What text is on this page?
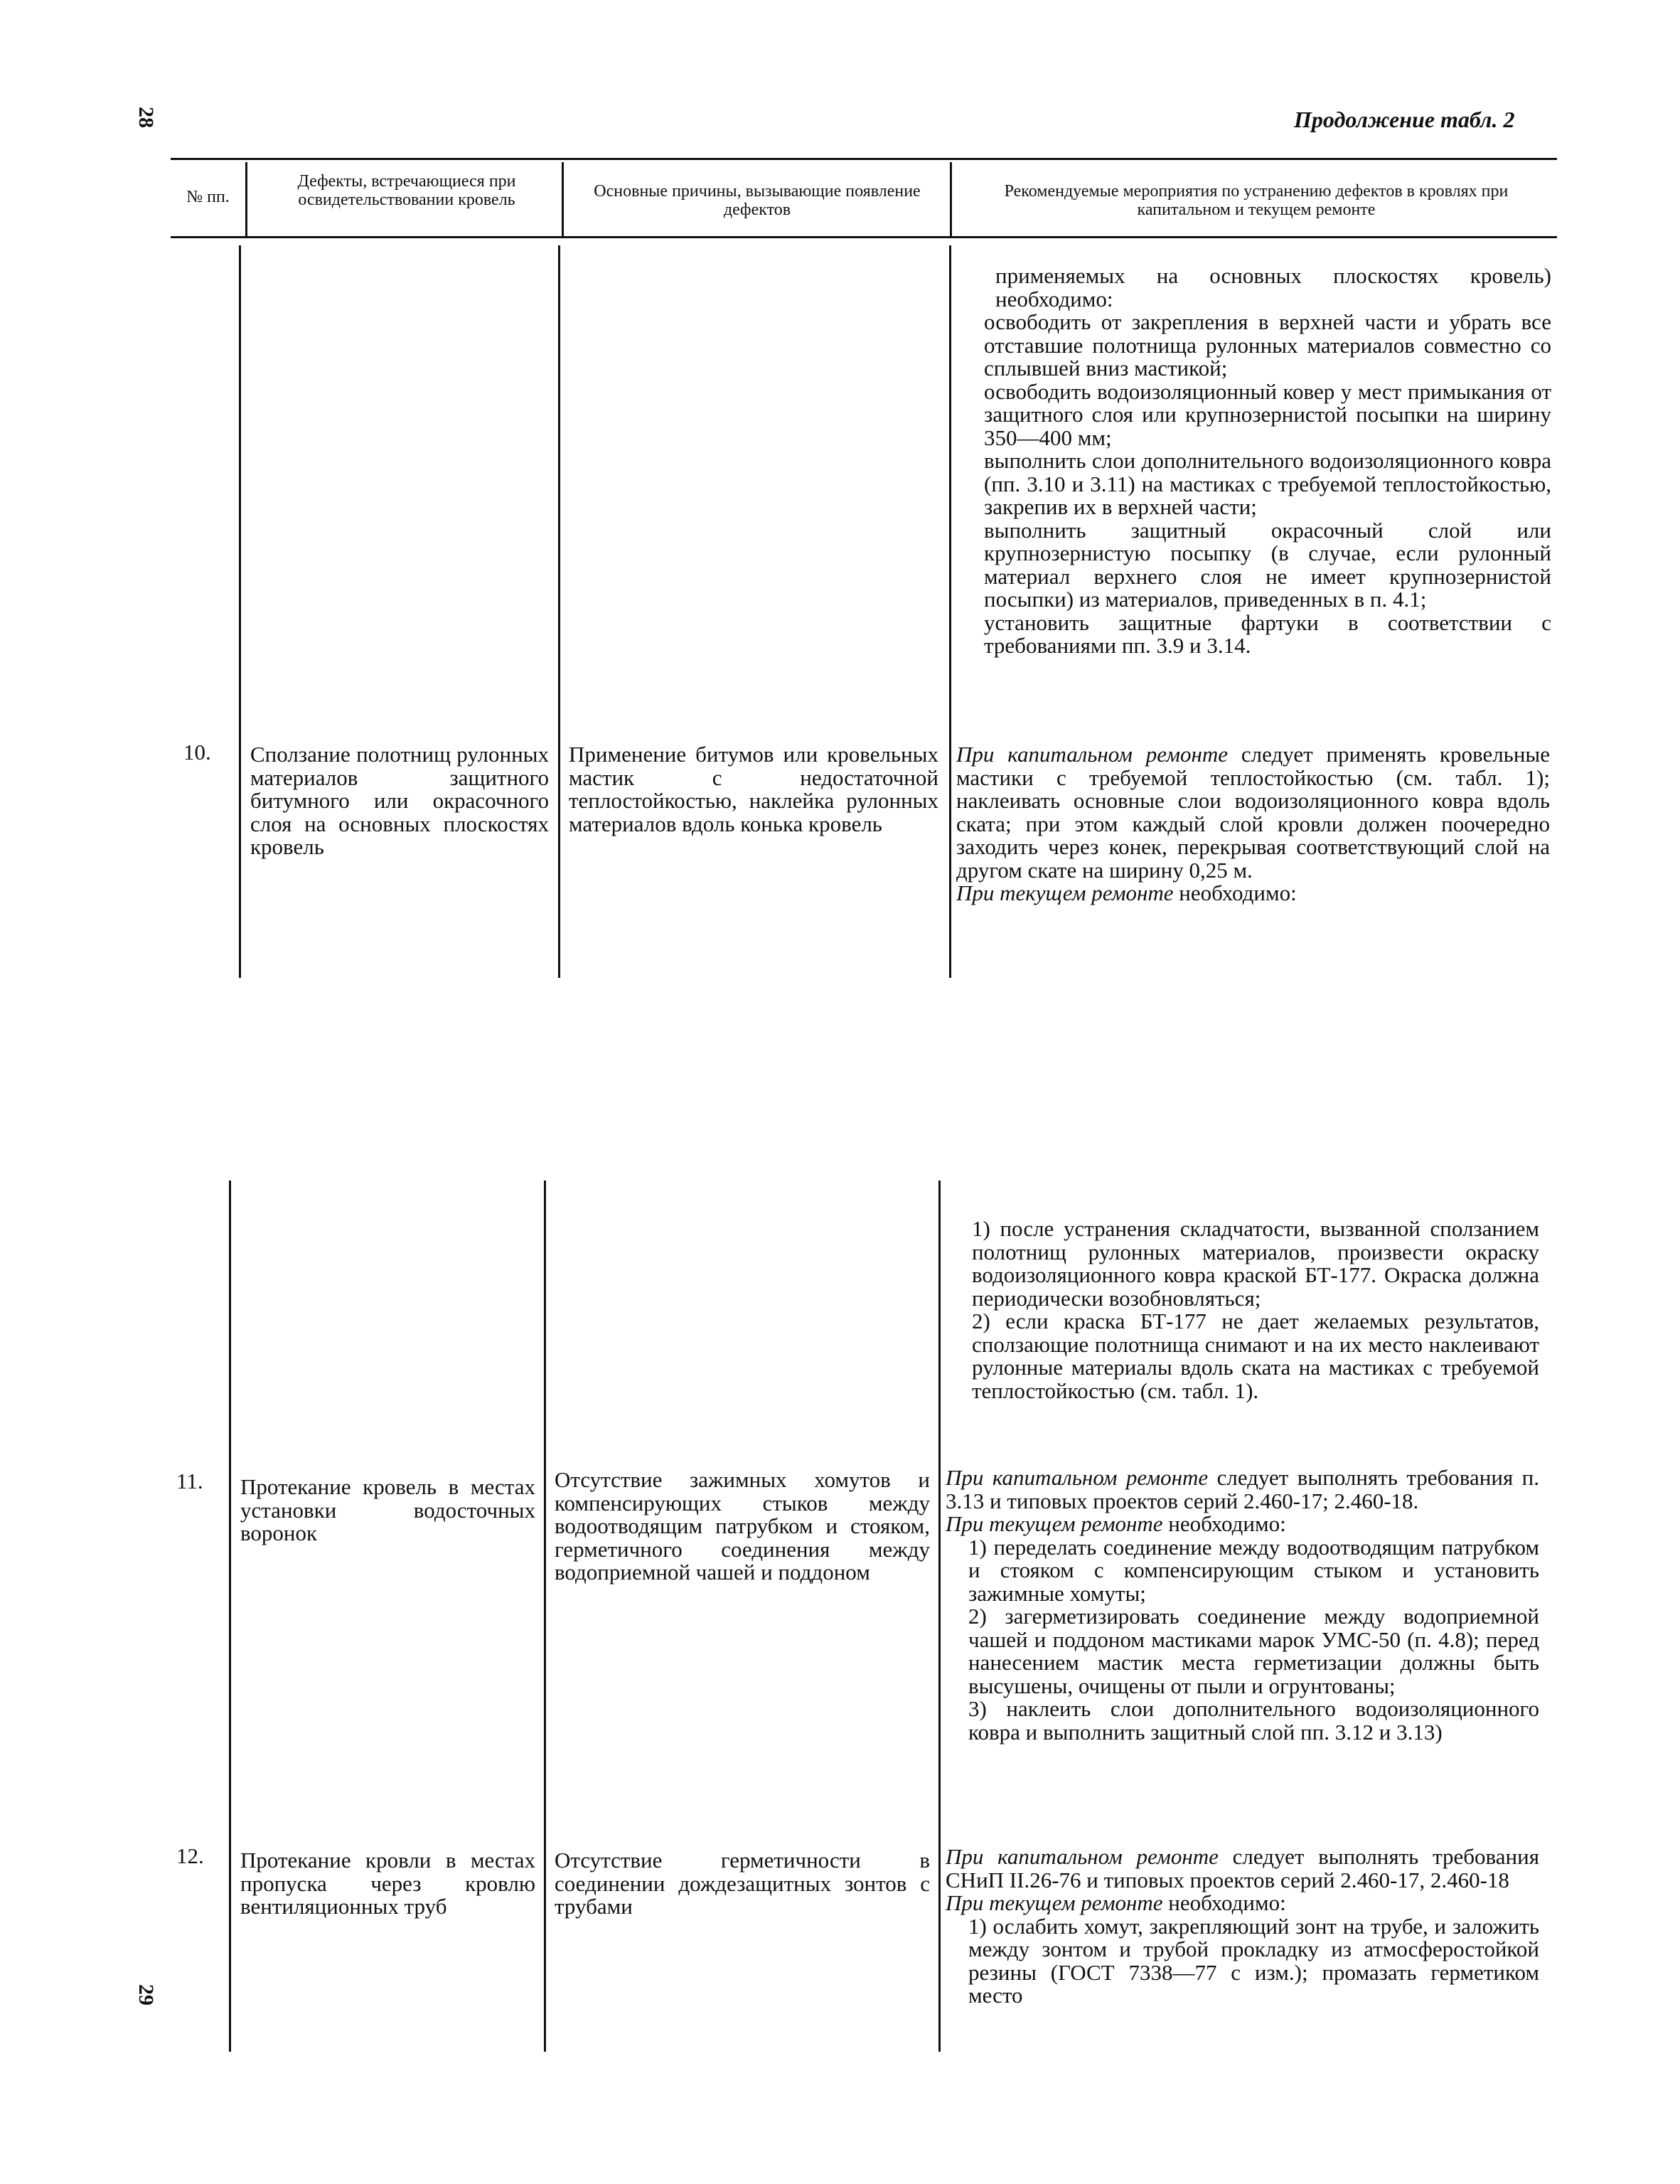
28
29
Продолжение табл. 2
№ пп.
Дефекты, встречающиеся при освидетельствовании кровель	Основные причины, вызывающие появление дефектов
Рекомендуемые мероприятия по устранению дефектов в кровлях при капитальном и текущем ремонте

применяемых на основных плоскостях кровель) необходимо:

освободить от закрепления в верхней части и убрать все отставшие полотнища рулонных материалов совместно со сплывшей вниз мастикой;

освободить водоизоляционный ковер у мест примыкания от защитного слоя или крупнозернистой посыпки на ширину 350—400 мм;

выполнить слои дополнительного водоизоляционного ковра (пп. 3.10 и 3.11) на мастиках с требуемой теплостойкостью, закрепив их в верхней части;

выполнить защитный окрасочный слой или крупнозернистую посыпку (в случае, если рулонный материал верхнего слоя не имеет крупнозернистой посыпки) из материалов, приведенных в п. 4.1;

установить защитные фартуки в соответствии с требованиями пп. 3.9 и 3.14.

10. Сползание полотнищ рулонных материалов защитного битумного или окрасочного слоя на основных плоскостях кровель
Применение битумов или кровельных мастик с недостаточной теплостойкостью, наклейка рулонных материалов вдоль конька кровель

При капитальном ремонте следует применять кровельные мастики с требуемой теплостойкостью (см. табл. 1); наклеивать основные слои водоизоляционного ковра вдоль ската; при этом каждый слой кровли должен поочередно заходить через конек, перекрывая соответствующий слой на другом скате на ширину 0,25 м.

При текущем ремонте необходимо:

1) после устранения складчатости, вызванной сползанием полотнищ рулонных материалов, произвести окраску водоизоляционного ковра краской БТ-177. Окраска должна периодически возобновляться;

2) если краска БТ-177 не дает желаемых результатов, сползающие полотнища снимают и на их место наклеивают рулонные материалы вдоль ската на мастиках с требуемой теплостойкостью (см. табл. 1).

11. Протекание кровель в местах установки водосточных воронок
Отсутствие зажимных хомутов и компенсирующих стыков между водоотводящим патрубком и стояком, герметичного соединения между водоприемной чашей и поддоном

При капитальном ремонте следует выполнять требования п. 3.13 и типовых проектов серий 2.460-17; 2.460-18.

При текущем ремонте необходимо:

1) переделать соединение между водоотводящим патрубком и стояком с компенсирующим стыком и установить зажимные хомуты;

2) загерметизировать соединение между водоприемной чашей и поддоном мастиками марок УМС-50 (п. 4.8); перед нанесением мастик места герметизации должны быть высушены, очищены от пыли и огрунтованы;

3) наклеить слои дополнительного водоизоляционного ковра и выполнить защитный слой пп. 3.12 и 3.13)

12. Протекание кровли в местах пропуска через кровлю вентиляционных труб
Отсутствие герметичности в соединении дождезащитных зонтов с трубами

При капитальном ремонте следует выполнять требования СНиП II.26-76 и типовых проектов серий 2.460-17, 2.460-18

При текущем ремонте необходимо:

1) ослабить хомут, закрепляющий зонт на трубе, и заложить между зонтом и трубой прокладку из атмосферостойкой резины (ГОСТ 7338—77 с изм.); промазать герметиком место
